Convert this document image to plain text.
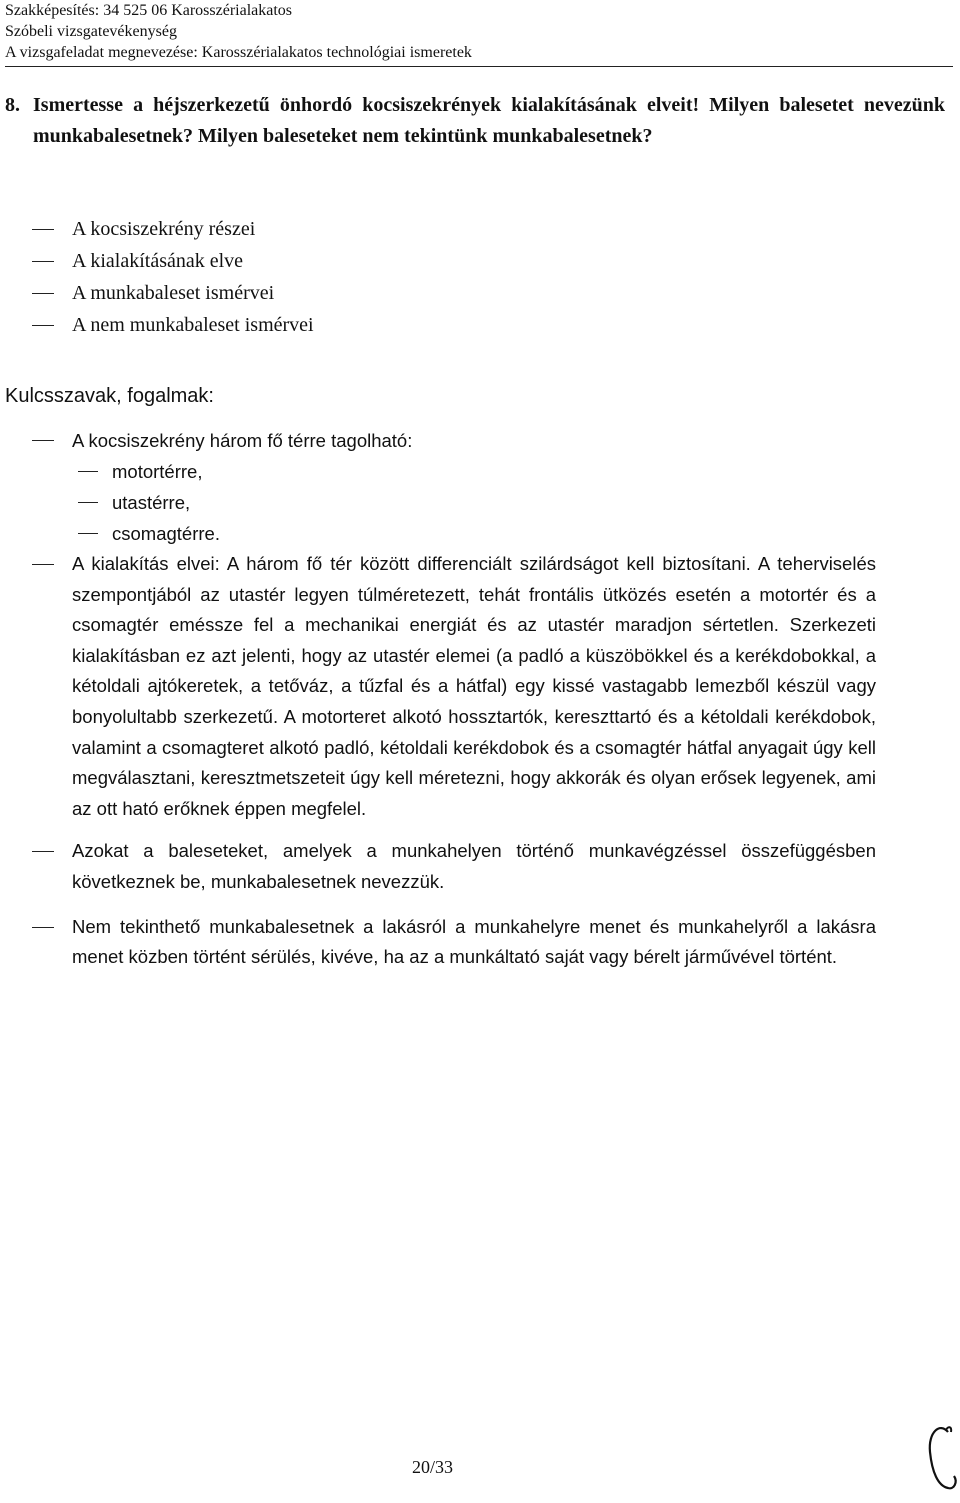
Szakképesítés: 34 525 06 Karosszérialakatos
Szóbeli vizsgatevékenység
A vizsgafeladat megnevezése: Karosszérialakatos technológiai ismeretek
8. Ismertesse a héjszerkezetű önhordó kocsiszekrények kialakításának elveit! Milyen balesetet nevezünk munkabalesetnek? Milyen baleseteket nem tekintünk munkabalesetnek?
A kocsiszekrény részei
A kialakításának elve
A munkabaleset ismérvei
A nem munkabaleset ismérvei
Kulcsszavak, fogalmak:
A kocsiszekrény három fő térre tagolható:
motortérre,
utastérre,
csomagtérre.
A kialakítás elvei: A három fő tér között differenciált szilárdságot kell biztosítani. A teherviselés szempontjából az utastér legyen túlméretezett, tehát frontális ütközés esetén a motortér és a csomagtér eméssze fel a mechanikai energiát és az utastér maradjon sértetlen. Szerkezeti kialakításban ez azt jelenti, hogy az utastér elemei (a padló a küszöbökkel és a kerékdobokkal, a kétoldali ajtókeretek, a tetőváz, a tűzfal és a hátfal) egy kissé vastagabb lemezből készül vagy bonyolultabb szerkezetű. A motorteret alkotó hossztartók, kereszttartó és a kétoldali kerékdobok, valamint a csomagteret alkotó padló, kétoldali kerékdobok és a csomagtér hátfal anyagait úgy kell megválasztani, keresztmetszeteit úgy kell méretezni, hogy akkorák és olyan erősek legyenek, ami az ott ható erőknek éppen megfelel.
Azokat a baleseteket, amelyek a munkahelyen történő munkavégzéssel összefüggésben következnek be, munkabalesetnek nevezzük.
Nem tekinthető munkabalesetnek a lakásról a munkahelyre menet és munkahelyről a lakásra menet közben történt sérülés, kivéve, ha az a munkáltató saját vagy bérelt járművével történt.
20/33
